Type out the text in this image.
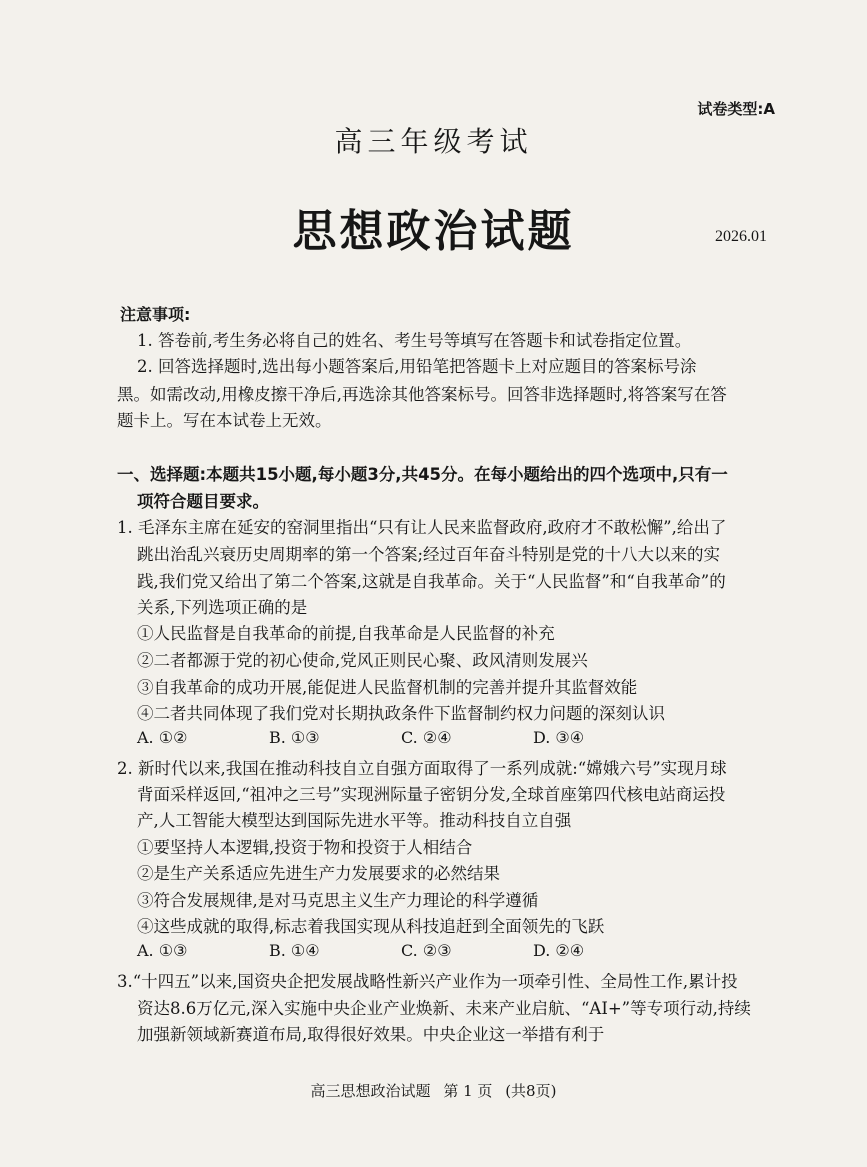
试卷类型:A
高三年级考试
思想政治试题	2026.01
注意事项:
1. 答卷前,考生务必将自己的姓名、考生号等填写在答题卡和试卷指定位置。
2. 回答选择题时,选出每小题答案后,用铅笔把答题卡上对应题目的答案标号涂
黑。如需改动,用橡皮擦干净后,再选涂其他答案标号。回答非选择题时,将答案写在答
题卡上。写在本试卷上无效。
一、选择题:本题共15小题,每小题3分,共45分。在每小题给出的四个选项中,只有一
项符合题目要求。
1. 毛泽东主席在延安的窑洞里指出“只有让人民来监督政府,政府才不敢松懈”,给出了
跳出治乱兴衰历史周期率的第一个答案;经过百年奋斗特别是党的十八大以来的实
践,我们党又给出了第二个答案,这就是自我革命。关于“人民监督”和“自我革命”的
关系,下列选项正确的是
①人民监督是自我革命的前提,自我革命是人民监督的补充
②二者都源于党的初心使命,党风正则民心聚、政风清则发展兴
③自我革命的成功开展,能促进人民监督机制的完善并提升其监督效能
④二者共同体现了我们党对长期执政条件下监督制约权力问题的深刻认识
A. ①②	B. ①③	C. ②④	D. ③④
2. 新时代以来,我国在推动科技自立自强方面取得了一系列成就:“嫦娥六号”实现月球
背面采样返回,“祖冲之三号”实现洲际量子密钥分发,全球首座第四代核电站商运投
产,人工智能大模型达到国际先进水平等。推动科技自立自强
①要坚持人本逻辑,投资于物和投资于人相结合
②是生产关系适应先进生产力发展要求的必然结果
③符合发展规律,是对马克思主义生产力理论的科学遵循
④这些成就的取得,标志着我国实现从科技追赶到全面领先的飞跃
A. ①③	B. ①④	C. ②③	D. ②④
3.“十四五”以来,国资央企把发展战略性新兴产业作为一项牵引性、全局性工作,累计投
资达8.6万亿元,深入实施中央企业产业焕新、未来产业启航、“AI+”等专项行动,持续
加强新领域新赛道布局,取得很好效果。中央企业这一举措有利于
高三思想政治试题 第 1 页 (共8页)
